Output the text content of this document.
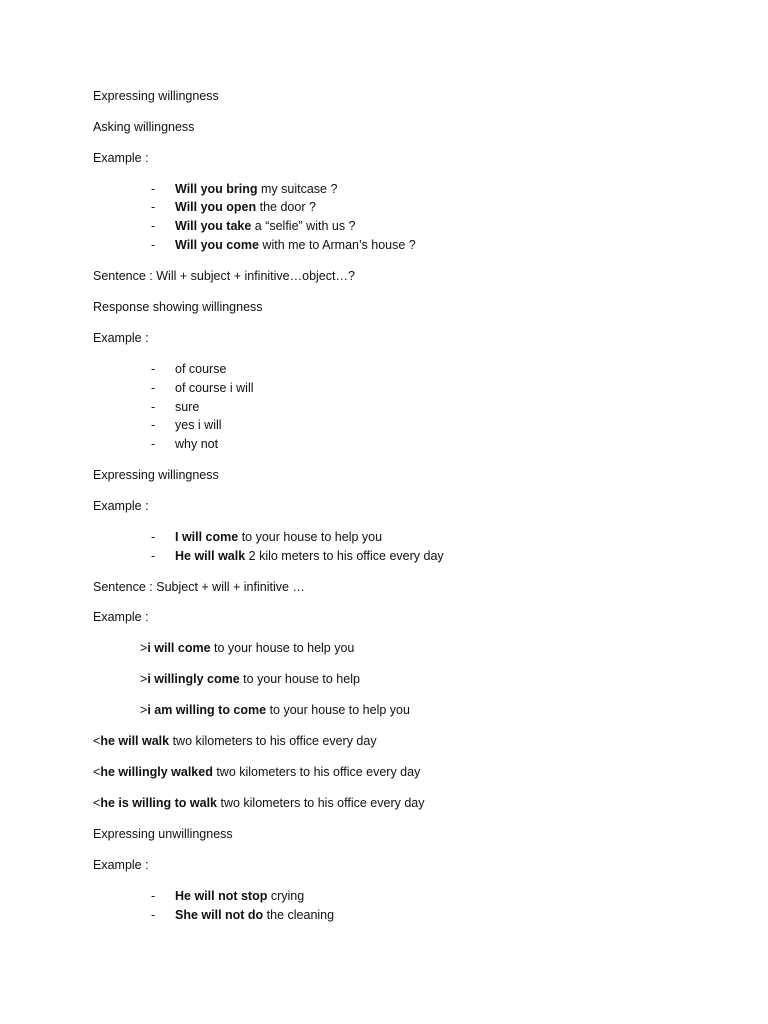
Expressing willingness
Asking willingness
Example :
- Will you bring my suitcase ?
- Will you open the door ?
- Will you take a “selfie” with us ?
- Will you come with me to Arman’s house ?
Sentence : Will + subject + infinitive…object…?
Response showing willingness
Example :
- of course
- of course i will
- sure
- yes i will
- why not
Expressing willingness
Example :
- I will come to your house to help you
- He will walk 2 kilo meters to his office every day
Sentence : Subject + will + infinitive …
Example :
>i will come to your house to help you
>i willingly come to your house to help
>i am willing to come to your house to help you
<he will walk two kilometers to his office every day
<he willingly walked two kilometers to his office every day
<he is willing to walk two kilometers to his office every day
Expressing unwillingness
Example :
- He will not stop crying
- She will not do the cleaning
